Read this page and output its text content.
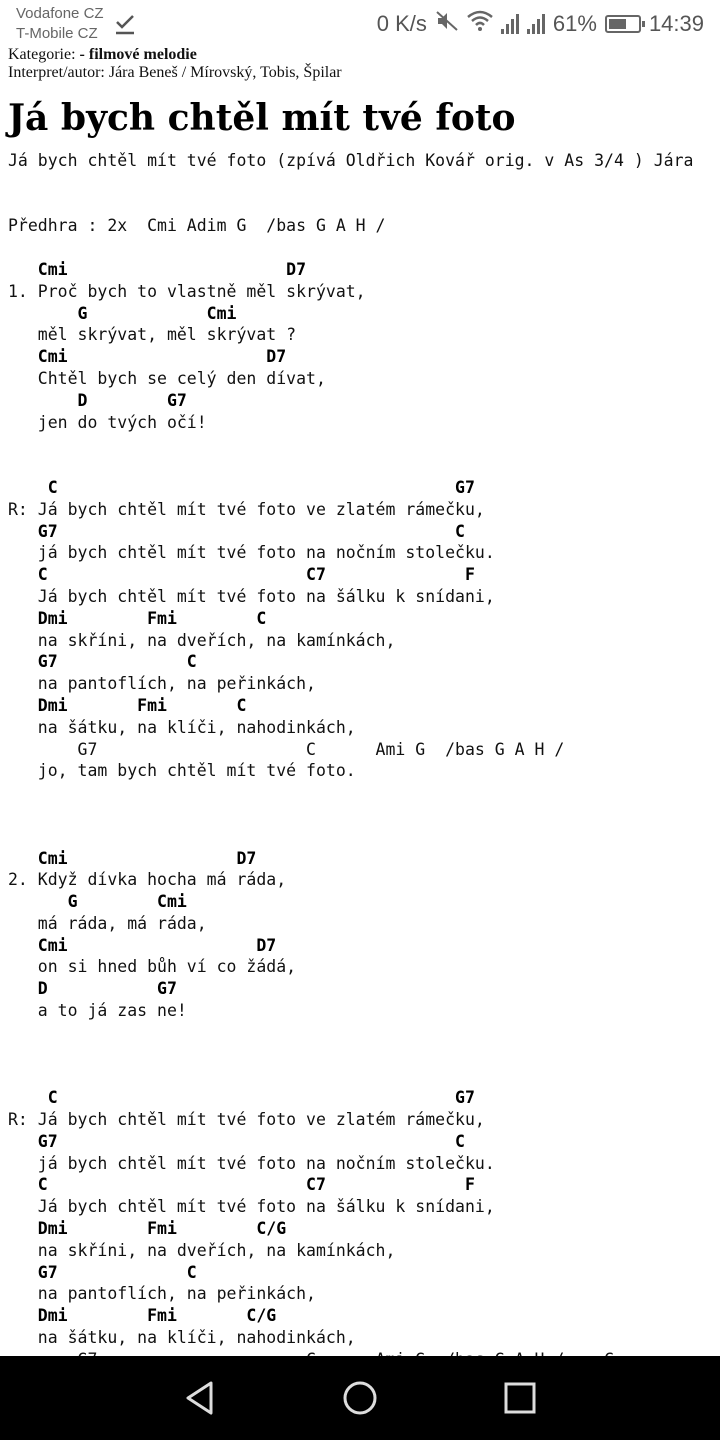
Vodafone CZ
T-Mobile CZ	0 K/s	61% 14:39
Kategorie: - filmové melodie
Interpret/autor: Jára Beneš / Mírovský, Tobis, Špilar
Já bych chtěl mít tvé foto
Já bych chtěl mít tvé foto (zpívá Oldřich Kovář orig. v As 3/4 ) Jára
Předhra : 2x  Cmi Adim G  /bas G A H /
Cmi                      D7
1. Proč bych to vlastně měl skrývat,
G            Cmi
měl skrývat, měl skrývat ?
Cmi                    D7
Chtěl bych se celý den dívat,
D        G7
jen do tvých očí!
C                                        G7
R: Já bych chtěl mít tvé foto ve zlatém rámečku,
G7                                        C
já bych chtěl mít tvé foto na nočním stolečku.
C                          C7              F
Já bych chtěl mít tvé foto na šálku k snídani,
Dmi        Fmi        C
na skříni, na dveřích, na kamínkách,
G7             C
na pantoflích, na peřinkách,
Dmi       Fmi       C
na šátku, na klíči, nahodinkách,
G7                     C      Ami G  /bas G A H /
jo, tam bych chtěl mít tvé foto.
Cmi                 D7
2. Když dívka hocha má ráda,
G        Cmi
má ráda, má ráda,
Cmi                   D7
on si hned bůh ví co žádá,
D           G7
a to já zas ne!
C                                        G7
R: Já bych chtěl mít tvé foto ve zlatém rámečku,
G7                                        C
já bych chtěl mít tvé foto na nočním stolečku.
C                          C7              F
Já bych chtěl mít tvé foto na šálku k snídani,
Dmi        Fmi        C/G
na skříni, na dveřích, na kamínkách,
G7             C
na pantoflích, na peřinkách,
Dmi        Fmi       C/G
na šátku, na klíči, nahodinkách,
